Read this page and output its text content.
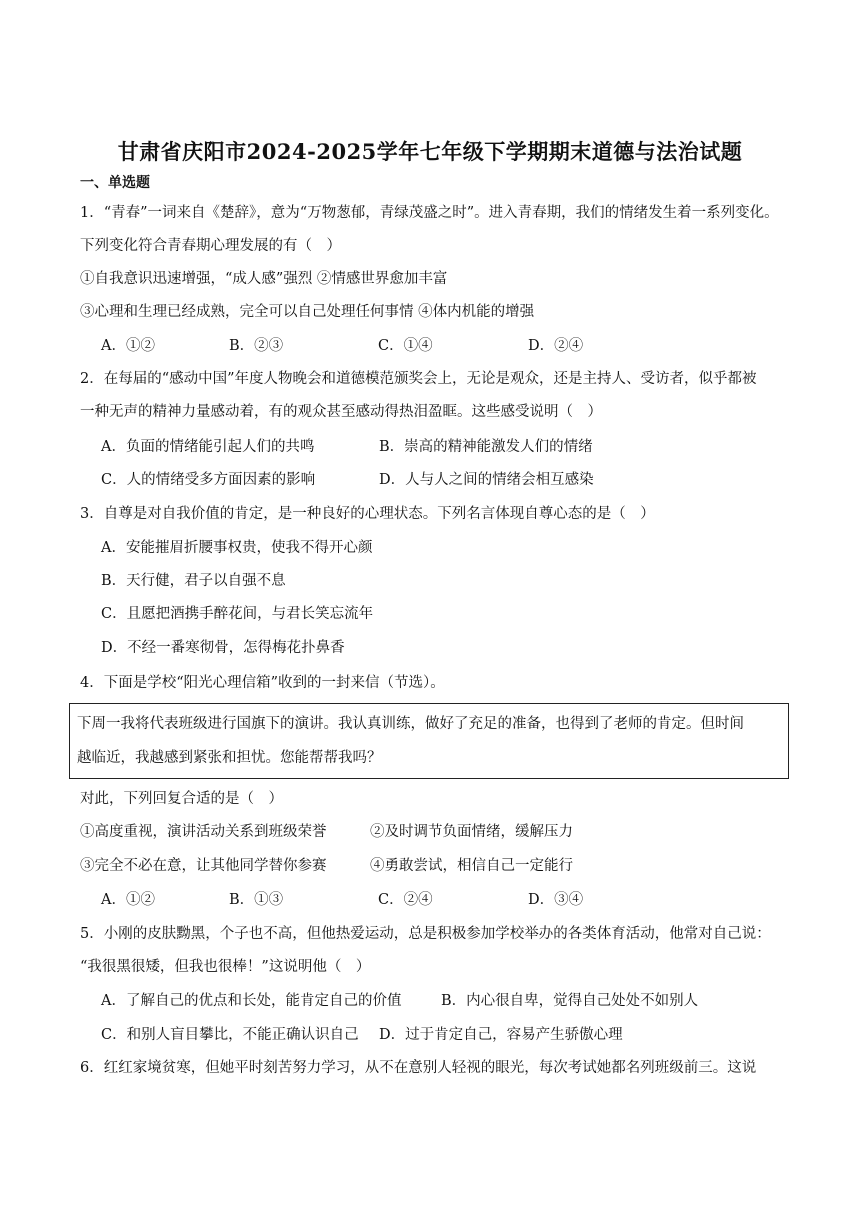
甘肃省庆阳市2024-2025学年七年级下学期期末道德与法治试题
一、单选题
1．“青春”一词来自《楚辞》，意为“万物葱郁，青绿茂盛之时”。进入青春期，我们的情绪发生着一系列变化。
下列变化符合青春期心理发展的有（　）
①自我意识迅速增强，“成人感”强烈 ②情感世界愈加丰富
③心理和生理已经成熟，完全可以自己处理任何事情 ④体内机能的增强
A．①②	B．②③	C．①④	D．②④
2．在每届的“感动中国”年度人物晚会和道德模范颁奖会上，无论是观众，还是主持人、受访者，似乎都被
一种无声的精神力量感动着，有的观众甚至感动得热泪盈眶。这些感受说明（　）
A．负面的情绪能引起人们的共鸣	B．崇高的精神能激发人们的情绪
C．人的情绪受多方面因素的影响	D．人与人之间的情绪会相互感染
3．自尊是对自我价值的肯定，是一种良好的心理状态。下列名言体现自尊心态的是（　）
A．安能摧眉折腰事权贵，使我不得开心颜
B．天行健，君子以自强不息
C．且愿把酒携手醉花间，与君长笑忘流年
D．不经一番寒彻骨，怎得梅花扑鼻香
4．下面是学校“阳光心理信箱”收到的一封来信（节选）。
下周一我将代表班级进行国旗下的演讲。我认真训练，做好了充足的准备，也得到了老师的肯定。但时间
越临近，我越感到紧张和担忧。您能帮帮我吗？
对此，下列回复合适的是（　）
①高度重视，演讲活动关系到班级荣誉	②及时调节负面情绪，缓解压力
③完全不必在意，让其他同学替你参赛	④勇敢尝试，相信自己一定能行
A．①②	B．①③	C．②④	D．③④
5．小刚的皮肤黝黑，个子也不高，但他热爱运动，总是积极参加学校举办的各类体育活动，他常对自己说：
“我很黑很矮，但我也很棒！”这说明他（　）
A．了解自己的优点和长处，能肯定自己的价值	B．内心很自卑，觉得自己处处不如别人
C．和别人盲目攀比，不能正确认识自己 D．过于肯定自己，容易产生骄傲心理
6．红红家境贫寒，但她平时刻苦努力学习，从不在意别人轻视的眼光，每次考试她都名列班级前三。这说
